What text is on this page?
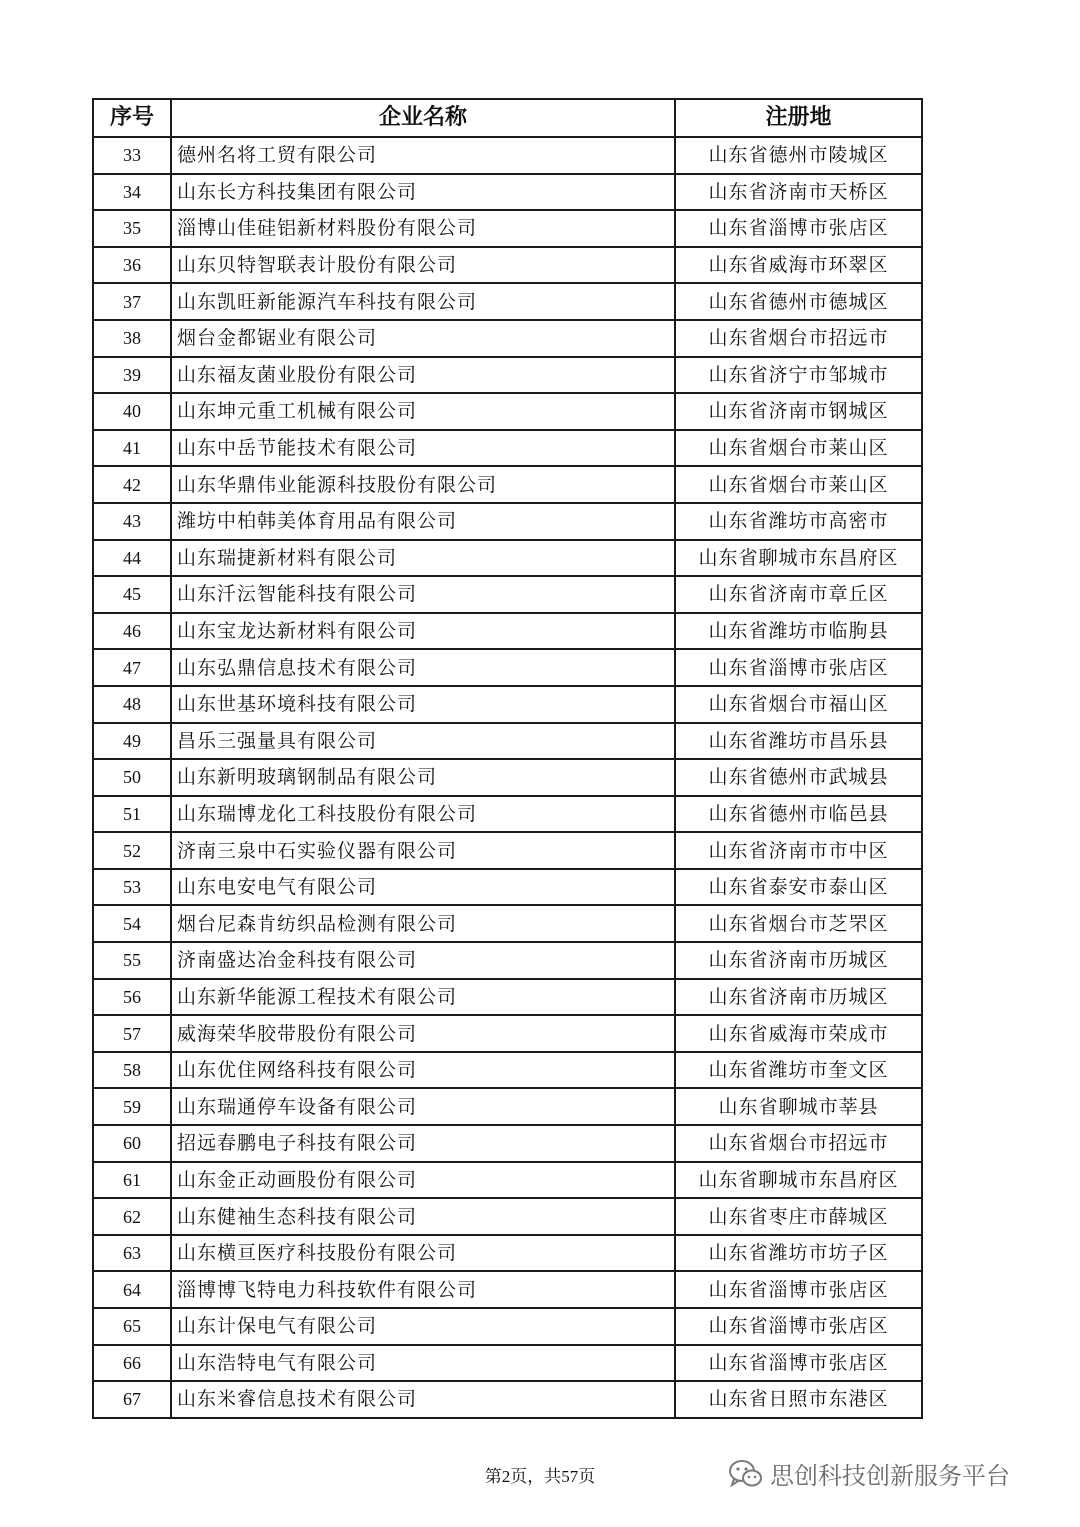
序号	企业名称	注册地
33	德州名将工贸有限公司	山东省德州市陵城区
34	山东长方科技集团有限公司	山东省济南市天桥区
35	淄博山佳硅铝新材料股份有限公司	山东省淄博市张店区
36	山东贝特智联表计股份有限公司	山东省威海市环翠区
37	山东凯旺新能源汽车科技有限公司	山东省德州市德城区
38	烟台金都锯业有限公司	山东省烟台市招远市
39	山东福友菌业股份有限公司	山东省济宁市邹城市
40	山东坤元重工机械有限公司	山东省济南市钢城区
41	山东中岳节能技术有限公司	山东省烟台市莱山区
42	山东华鼎伟业能源科技股份有限公司	山东省烟台市莱山区
43	潍坊中柏韩美体育用品有限公司	山东省潍坊市高密市
44	山东瑞捷新材料有限公司	山东省聊城市东昌府区
45	山东汘沄智能科技有限公司	山东省济南市章丘区
46	山东宝龙达新材料有限公司	山东省潍坊市临朐县
47	山东弘鼎信息技术有限公司	山东省淄博市张店区
48	山东世基环境科技有限公司	山东省烟台市福山区
49	昌乐三强量具有限公司	山东省潍坊市昌乐县
50	山东新明玻璃钢制品有限公司	山东省德州市武城县
51	山东瑞博龙化工科技股份有限公司	山东省德州市临邑县
52	济南三泉中石实验仪器有限公司	山东省济南市市中区
53	山东电安电气有限公司	山东省泰安市泰山区
54	烟台尼森肯纺织品检测有限公司	山东省烟台市芝罘区
55	济南盛达冶金科技有限公司	山东省济南市历城区
56	山东新华能源工程技术有限公司	山东省济南市历城区
57	威海荣华胶带股份有限公司	山东省威海市荣成市
58	山东优住网络科技有限公司	山东省潍坊市奎文区
59	山东瑞通停车设备有限公司	山东省聊城市莘县
60	招远春鹏电子科技有限公司	山东省烟台市招远市
61	山东金正动画股份有限公司	山东省聊城市东昌府区
62	山东健袖生态科技有限公司	山东省枣庄市薛城区
63	山东横亘医疗科技股份有限公司	山东省潍坊市坊子区
64	淄博博飞特电力科技软件有限公司	山东省淄博市张店区
65	山东计保电气有限公司	山东省淄博市张店区
66	山东浩特电气有限公司	山东省淄博市张店区
67	山东米睿信息技术有限公司	山东省日照市东港区
第2页，共57页	思创科技创新服务平台
